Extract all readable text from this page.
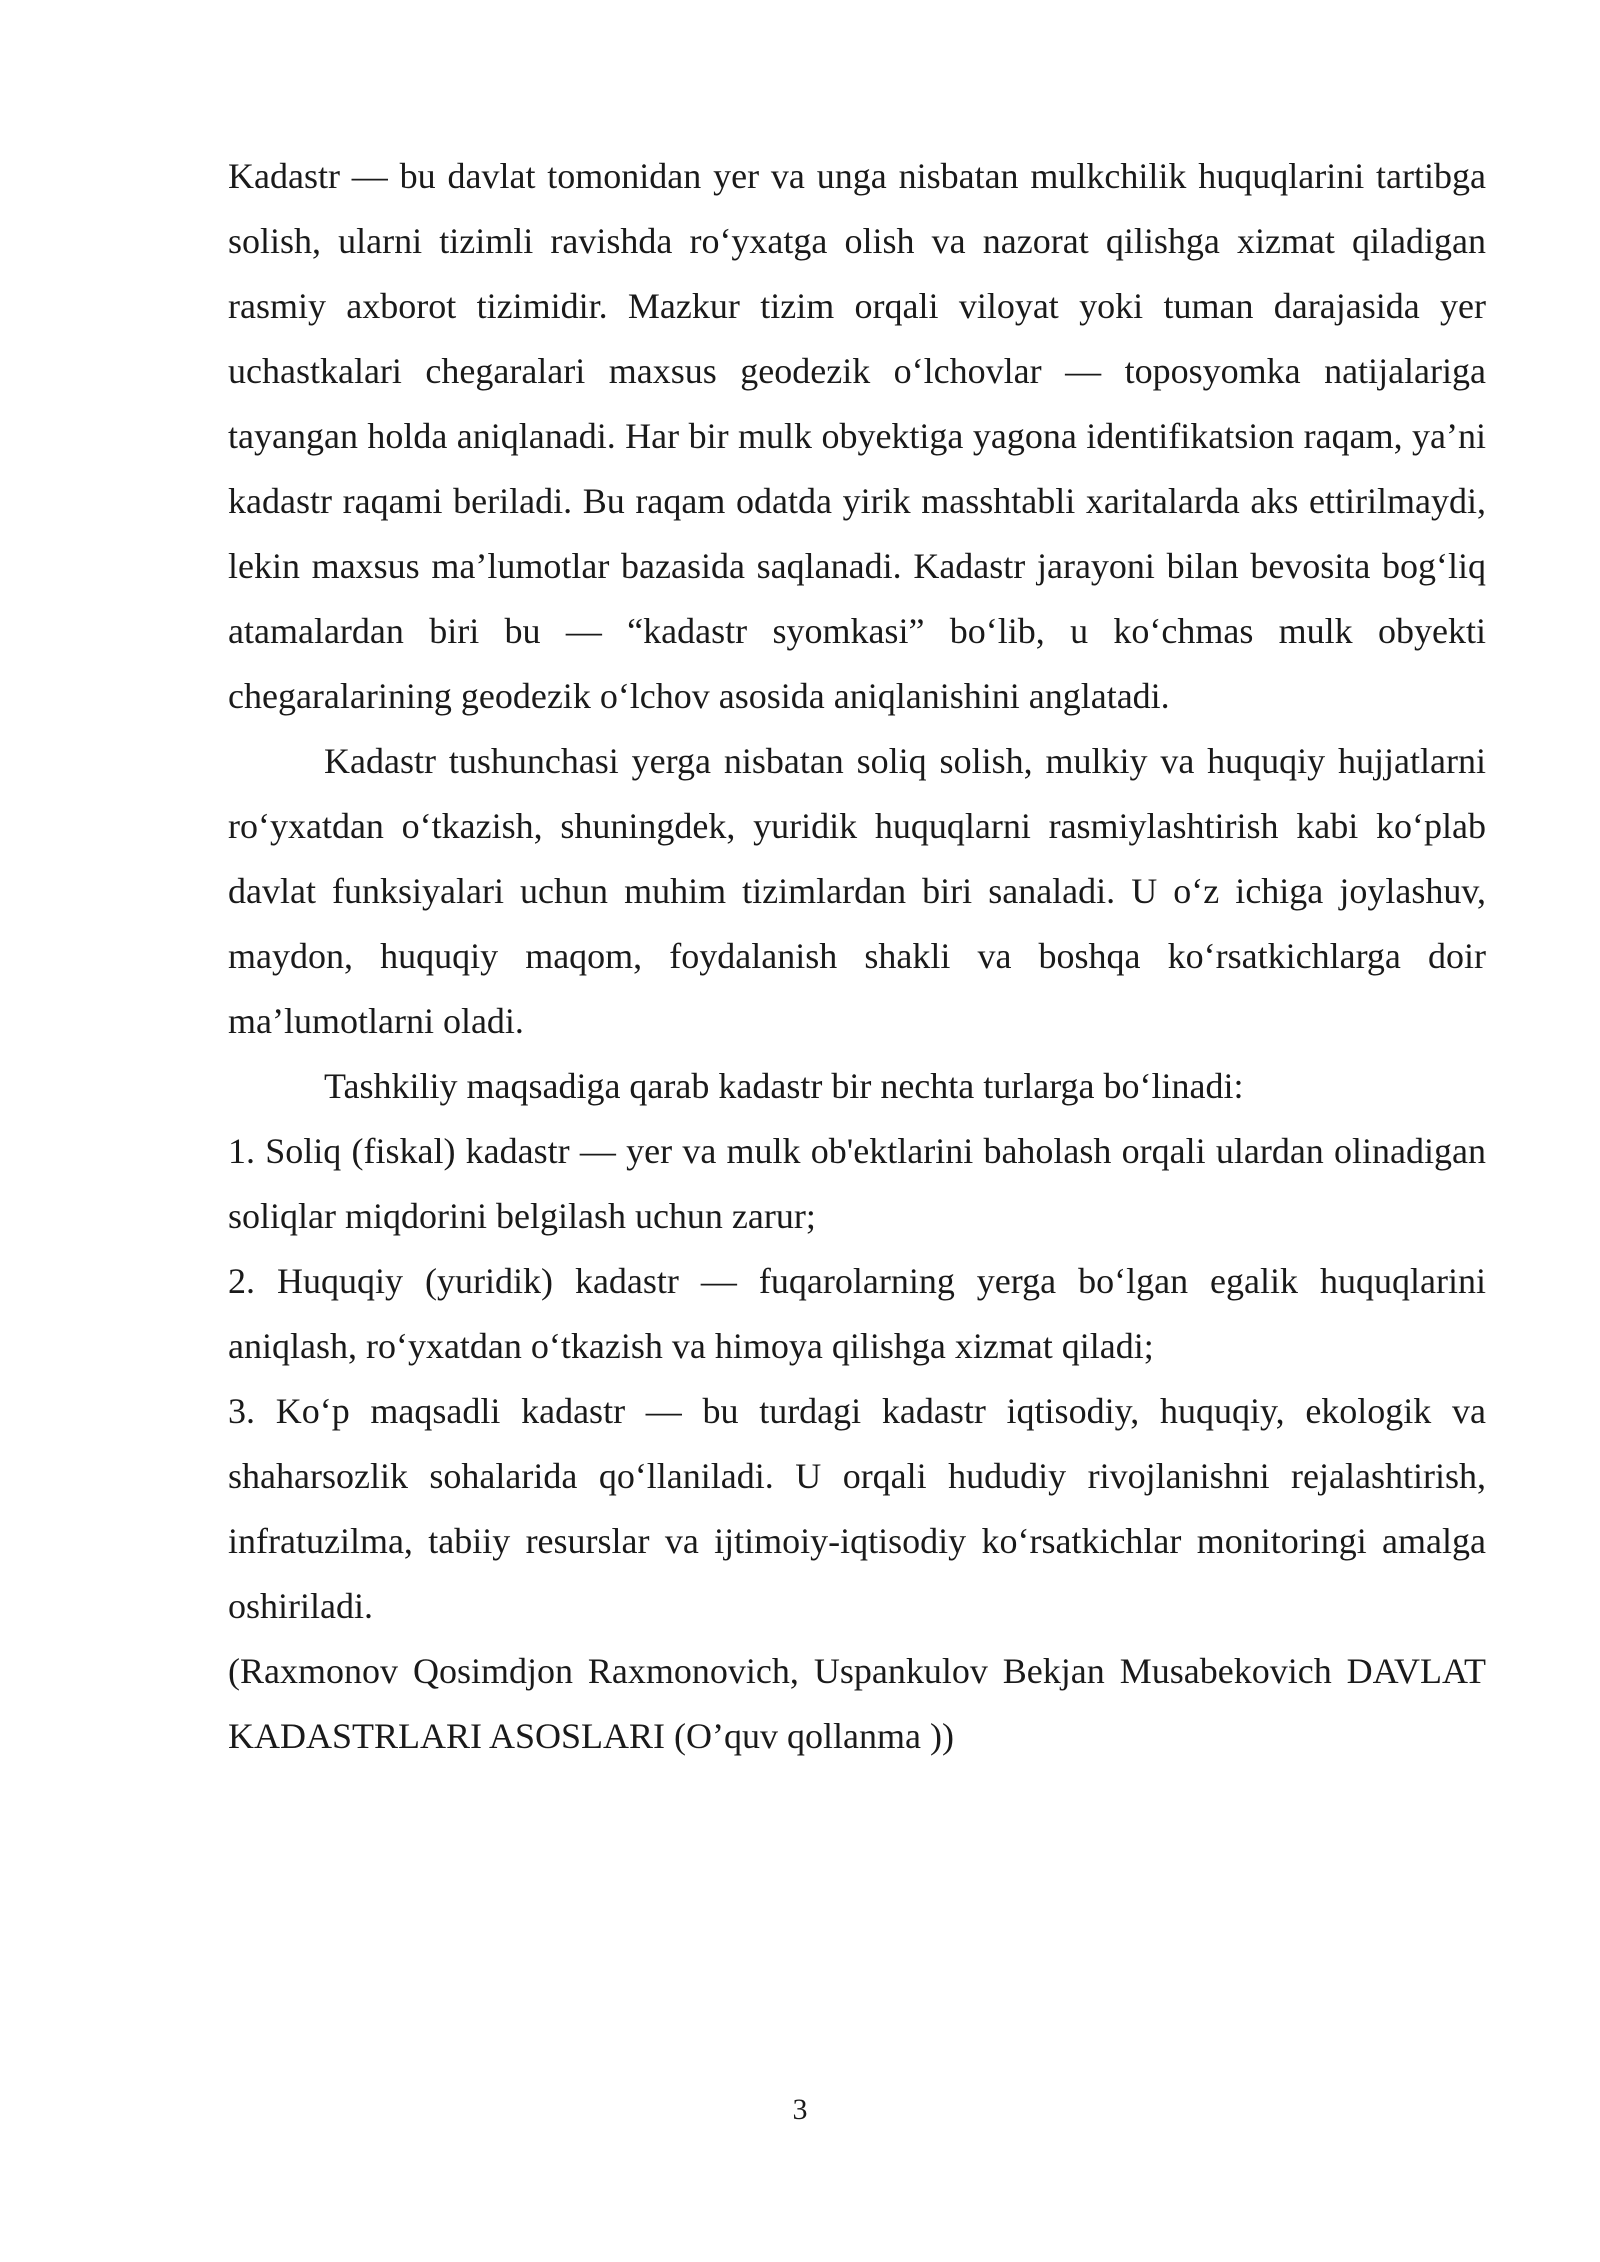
Kadastr — bu davlat tomonidan yer va unga nisbatan mulkchilik huquqlarini tartibga solish, ularni tizimli ravishda ro‘yxatga olish va nazorat qilishga xizmat qiladigan rasmiy axborot tizimidir. Mazkur tizim orqali viloyat yoki tuman darajasida yer uchastkalari chegaralari maxsus geodezik o‘lchovlar — toposyomka natijalariga tayangan holda aniqlanadi. Har bir mulk obyektiga yagona identifikatsion raqam, ya’ni kadastr raqami beriladi. Bu raqam odatda yirik masshtabli xaritalarda aks ettirilmaydi, lekin maxsus ma’lumotlar bazasida saqlanadi. Kadastr jarayoni bilan bevosita bog‘liq atamalardan biri bu — “kadastr syomkasi” bo‘lib, u ko‘chmas mulk obyekti chegaralarining geodezik o‘lchov asosida aniqlanishini anglatadi.

Kadastr tushunchasi yerga nisbatan soliq solish, mulkiy va huquqiy hujjatlarni ro‘yxatdan o‘tkazish, shuningdek, yuridik huquqlarni rasmiylashtirish kabi ko‘plab davlat funksiyalari uchun muhim tizimlardan biri sanaladi. U o‘z ichiga joylashuv, maydon, huquqiy maqom, foydalanish shakli va boshqa ko‘rsatkichlarga doir ma’lumotlarni oladi.

Tashkiliy maqsadiga qarab kadastr bir nechta turlarga bo‘linadi:

1. Soliq (fiskal) kadastr — yer va mulk ob'ektlarini baholash orqali ulardan olinadigan soliqlar miqdorini belgilash uchun zarur;

2. Huquqiy (yuridik) kadastr — fuqarolarning yerga bo‘lgan egalik huquqlarini aniqlash, ro‘yxatdan o‘tkazish va himoya qilishga xizmat qiladi;

3. Ko‘p maqsadli kadastr — bu turdagi kadastr iqtisodiy, huquqiy, ekologik va shaharsozlik sohalarida qo‘llaniladi. U orqali hududiy rivojlanishni rejalashtirish, infratuzilma, tabiiy resurslar va ijtimoiy-iqtisodiy ko‘rsatkichlar monitoringi amalga oshiriladi.

(Raxmonov Qosimdjon Raxmonovich, Uspankulov Bekjan Musabekovich DAVLAT KADASTRLARI ASOSLARI (O’quv qollanma ))

3
